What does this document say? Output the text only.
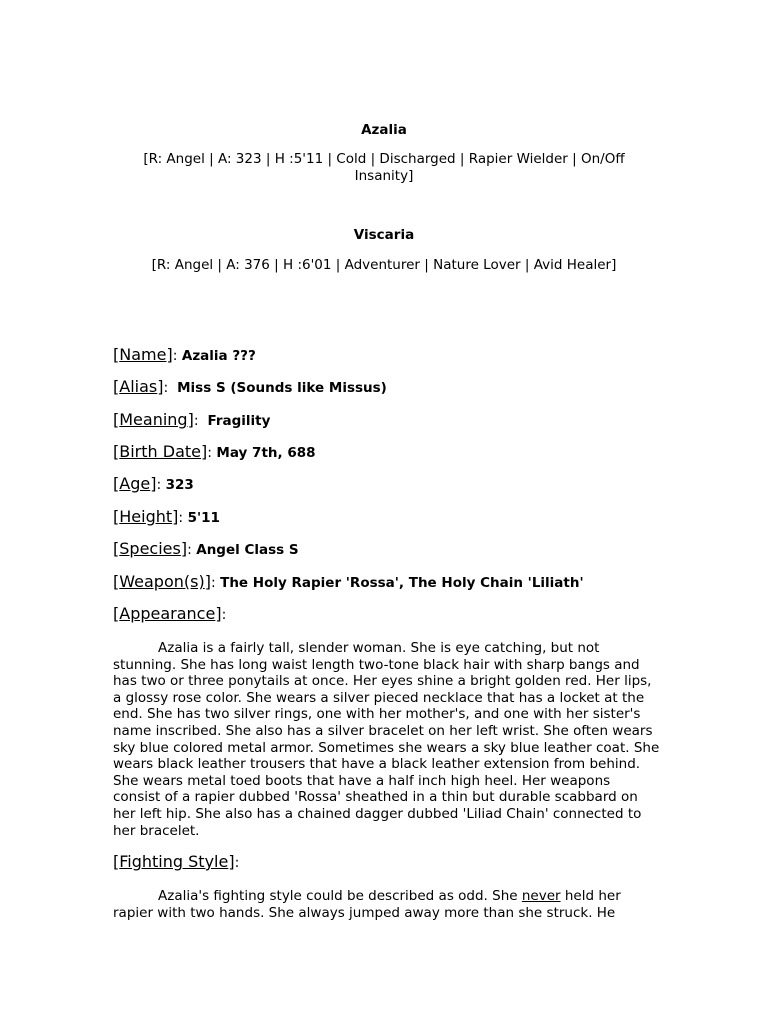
Azalia
[R: Angel | A: 323 | H :5'11 | Cold | Discharged | Rapier Wielder | On/Off Insanity]
Viscaria
[R: Angel | A: 376 | H :6'01 | Adventurer | Nature Lover | Avid Healer]
[Name]: Azalia ???
[Alias]:  Miss S (Sounds like Missus)
[Meaning]:  Fragility
[Birth Date]: May 7th, 688
[Age]: 323
[Height]: 5'11
[Species]: Angel Class S
[Weapon(s)]: The Holy Rapier 'Rossa', The Holy Chain 'Liliath'
[Appearance]:

Azalia is a fairly tall, slender woman. She is eye catching, but not stunning. She has long waist length two-tone black hair with sharp bangs and has two or three ponytails at once. Her eyes shine a bright golden red. Her lips, a glossy rose color. She wears a silver pieced necklace that has a locket at the end. She has two silver rings, one with her mother's, and one with her sister's name inscribed. She also has a silver bracelet on her left wrist. She often wears sky blue colored metal armor. Sometimes she wears a sky blue leather coat. She wears black leather trousers that have a black leather extension from behind. She wears metal toed boots that have a half inch high heel. Her weapons consist of a rapier dubbed 'Rossa' sheathed in a thin but durable scabbard on her left hip. She also has a chained dagger dubbed 'Liliad Chain' connected to her bracelet.

[Fighting Style]:

Azalia's fighting style could be described as odd. She never held her rapier with two hands. She always jumped away more than she struck. He
